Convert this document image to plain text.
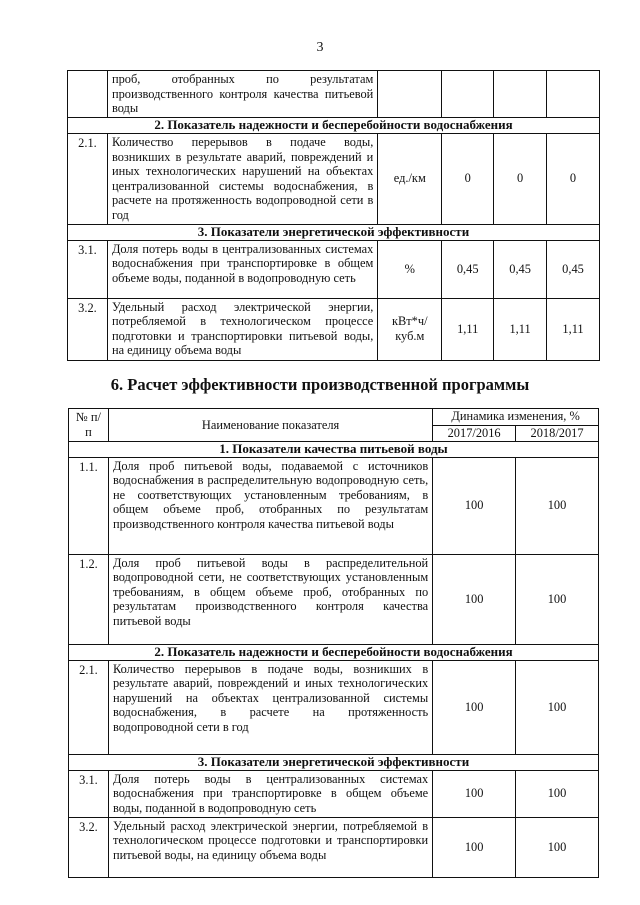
3
	проб, отобранных по результатам производственного контроля качества питьевой воды				
2. Показатель надежности и бесперебойности водоснабжения					
2.1.	Количество перерывов в подаче воды, возникших в результате аварий, повреждений и иных технологических нарушений на объектах централизованной системы водоснабжения, в расчете на протяженность водопроводной сети в год	ед./км	0	0	0
3. Показатели энергетической эффективности					
3.1.	Доля потерь воды в централизованных системах водоснабжения при транспортировке в общем объеме воды, поданной в водопроводную сеть	%	0,45	0,45	0,45
3.2.	Удельный расход электрической энергии, потребляемой в технологическом процессе подготовки и транспортировки питьевой воды, на единицу объема воды	кВт*ч/ куб.м	1,11	1,11	1,11
6. Расчет эффективности производственной программы
№ п/п	Наименование показателя	Динамика изменения, %	
		2017/2016	2018/2017
1. Показатели качества питьевой воды			
1.1.	Доля проб питьевой воды, подаваемой с источников водоснабжения в распределительную водопроводную сеть, не соответствующих установленным требованиям, в общем объеме проб, отобранных по результатам производственного контроля качества питьевой воды	100	100
1.2.	Доля проб питьевой воды в распределительной водопроводной сети, не соответствующих установленным требованиям, в общем объеме проб, отобранных по результатам производственного контроля качества питьевой воды	100	100
2. Показатель надежности и бесперебойности водоснабжения			
2.1.	Количество перерывов в подаче воды, возникших в результате аварий, повреждений и иных технологических нарушений на объектах централизованной системы водоснабжения, в расчете на протяженность водопроводной сети в год	100	100
3. Показатели энергетической эффективности			
3.1.	Доля потерь воды в централизованных системах водоснабжения при транспортировке в общем объеме воды, поданной в водопроводную сеть	100	100
3.2.	Удельный расход электрической энергии, потребляемой в технологическом процессе подготовки и транспортировки питьевой воды, на единицу объема воды	100	100
